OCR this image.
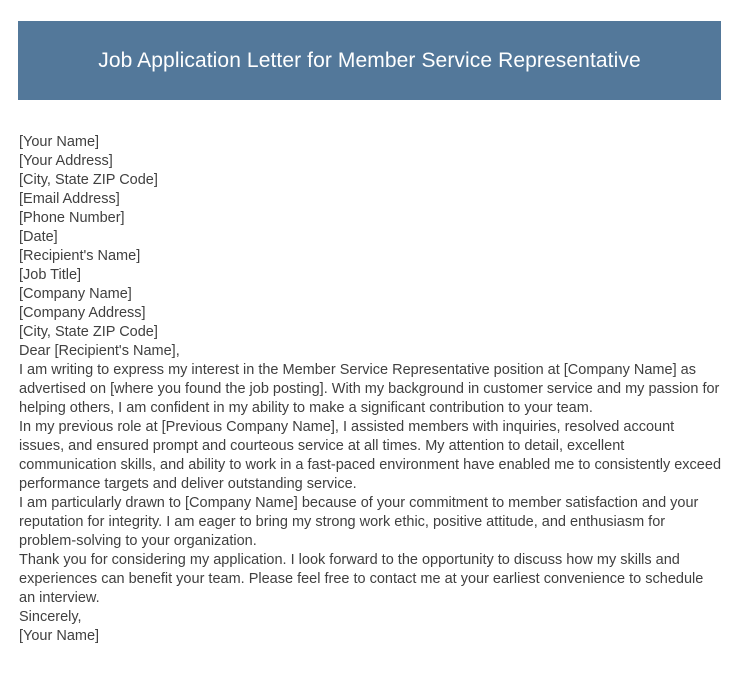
Job Application Letter for Member Service Representative
[Your Name]
[Your Address]
[City, State ZIP Code]
[Email Address]
[Phone Number]
[Date]
[Recipient's Name]
[Job Title]
[Company Name]
[Company Address]
[City, State ZIP Code]
Dear [Recipient's Name],
I am writing to express my interest in the Member Service Representative position at [Company Name] as advertised on [where you found the job posting]. With my background in customer service and my passion for helping others, I am confident in my ability to make a significant contribution to your team.
In my previous role at [Previous Company Name], I assisted members with inquiries, resolved account issues, and ensured prompt and courteous service at all times. My attention to detail, excellent communication skills, and ability to work in a fast-paced environment have enabled me to consistently exceed performance targets and deliver outstanding service.
I am particularly drawn to [Company Name] because of your commitment to member satisfaction and your reputation for integrity. I am eager to bring my strong work ethic, positive attitude, and enthusiasm for problem-solving to your organization.
Thank you for considering my application. I look forward to the opportunity to discuss how my skills and experiences can benefit your team. Please feel free to contact me at your earliest convenience to schedule an interview.
Sincerely,
[Your Name]
